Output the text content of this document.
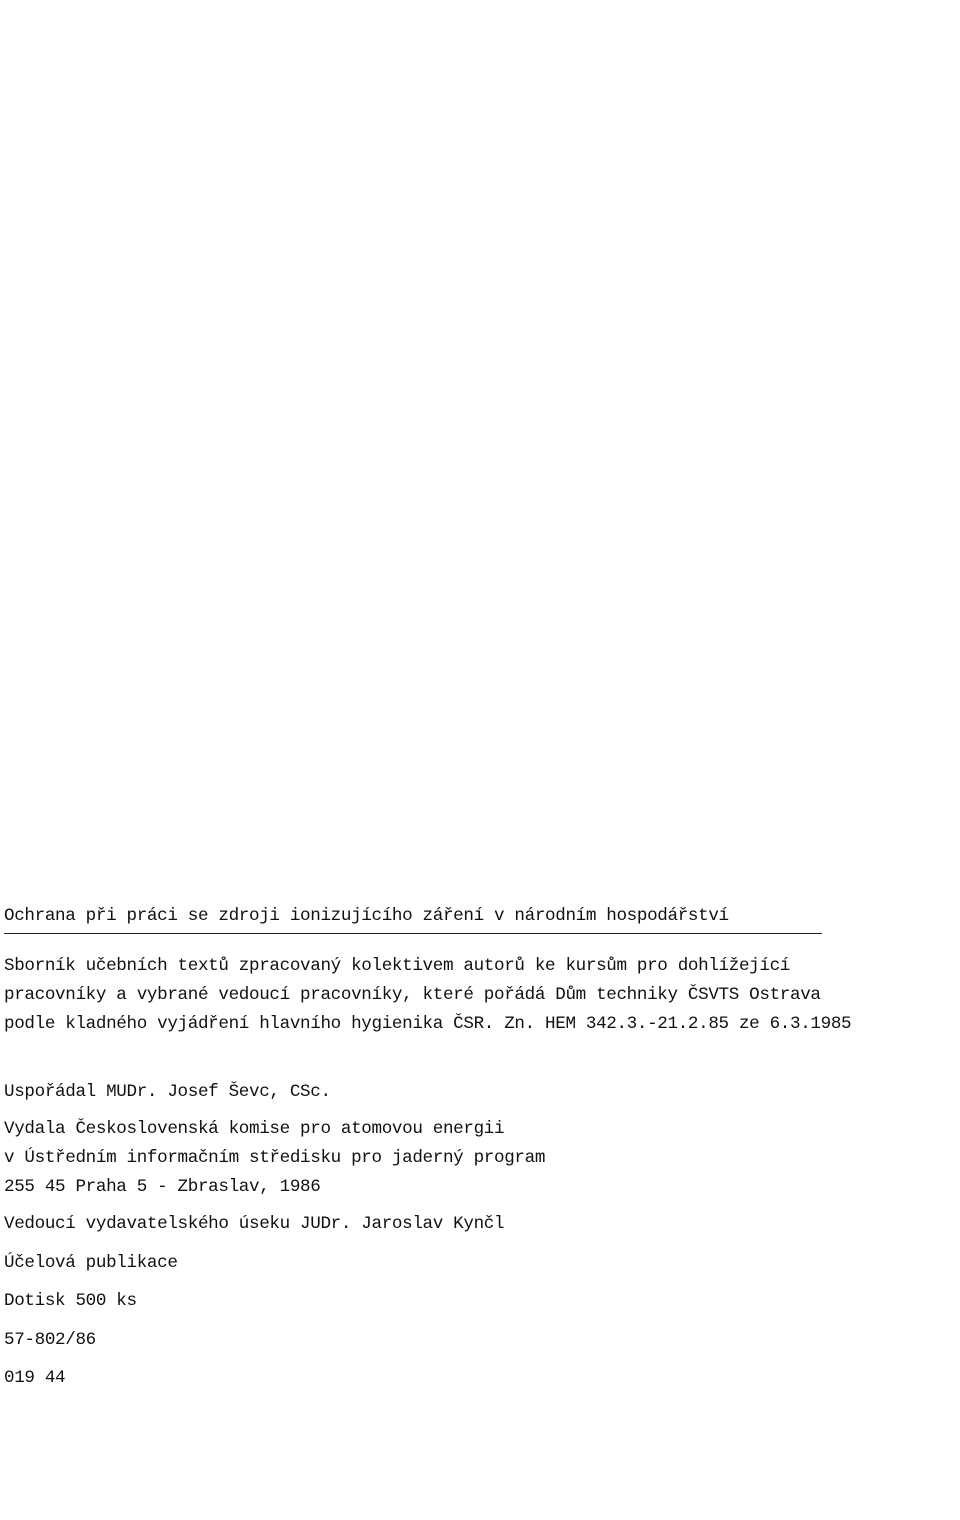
Ochrana při práci se zdroji ionizujícího záření v národním hospodářství
Sborník učebních textů zpracovaný kolektivem autorů ke kursům pro dohlížející
pracovníky a vybrané vedoucí pracovníky, které pořádá Dům techniky ČSVTS Ostrava
podle kladného vyjádření hlavního hygienika ČSR. Zn. HEM 342.3.-21.2.85 ze 6.3.1985
Uspořádal MUDr. Josef Ševc, CSc.
Vydala Československá komise pro atomovou energii
v Ústředním informačním středisku pro jaderný program
255 45 Praha 5 - Zbraslav, 1986
Vedoucí vydavatelského úseku JUDr. Jaroslav Kynčl
Účelová publikace
Dotisk 500 ks
57-802/86
019 44
